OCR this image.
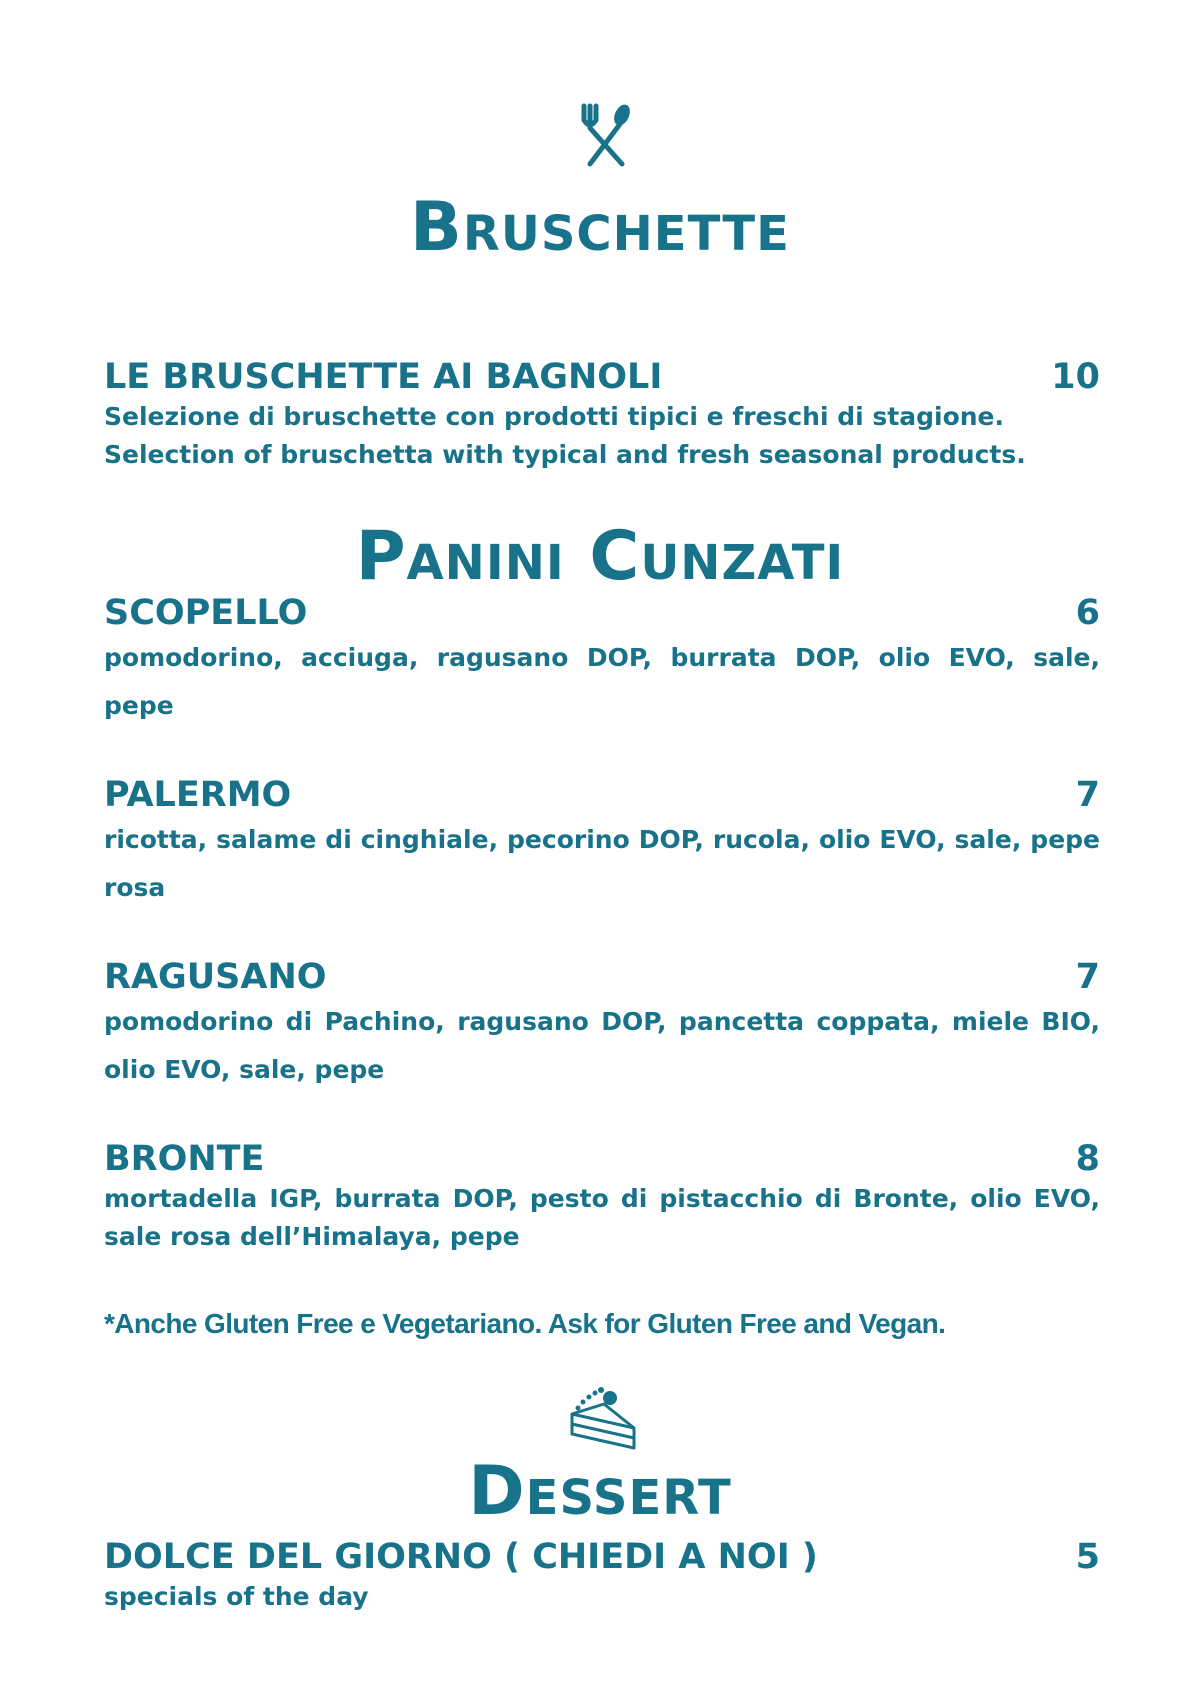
Bruschette
LE BRUSCHETTE AI BAGNOLI	10
Selezione di bruschette con prodotti tipici e freschi di stagione.
Selection of bruschetta with typical and fresh seasonal products.
Panini Cunzati
SCOPELLO	6
pomodorino, acciuga, ragusano DOP, burrata DOP, olio EVO, sale, pepe
PALERMO	7
ricotta, salame di cinghiale, pecorino DOP, rucola, olio EVO, sale, pepe rosa
RAGUSANO	7
pomodorino di Pachino, ragusano DOP, pancetta coppata, miele BIO, olio EVO, sale, pepe
BRONTE	8
mortadella IGP, burrata DOP, pesto di pistacchio di Bronte, olio EVO, sale rosa dell’Himalaya, pepe
*Anche Gluten Free e Vegetariano. Ask for Gluten Free and Vegan.
Dessert
DOLCE DEL GIORNO ( CHIEDI A NOI )	5
specials of the day
